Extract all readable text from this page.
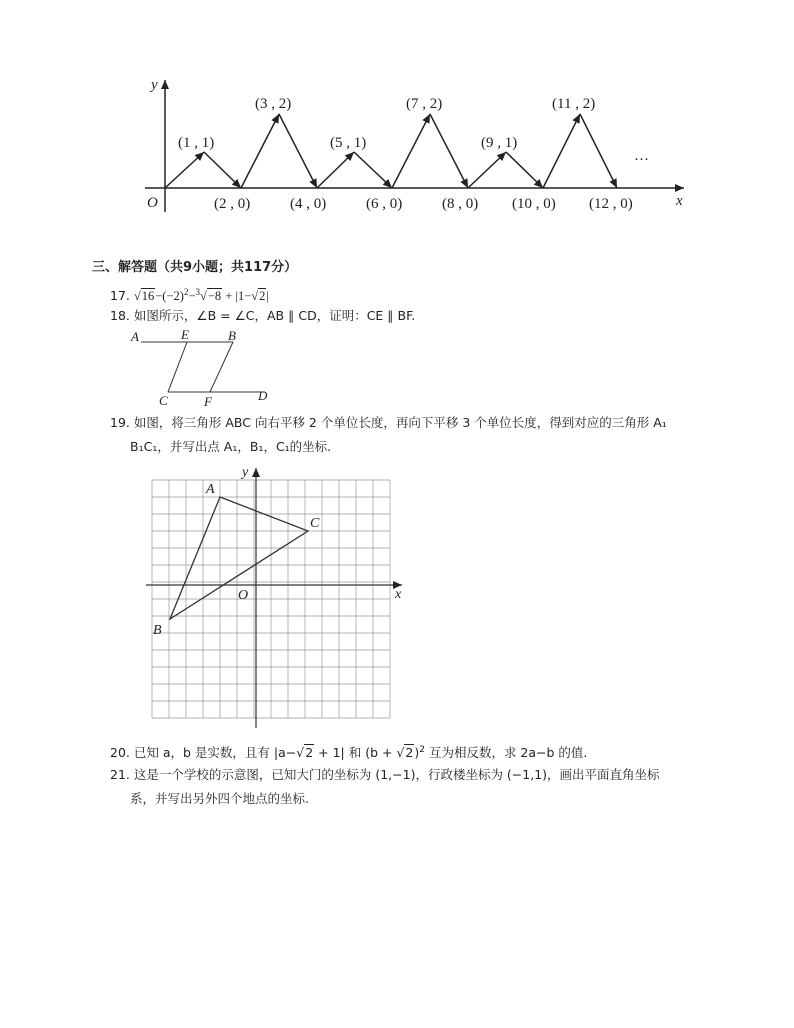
y
x
O
(1 , 1)
(3 , 2)
(5 , 1)
(7 , 2)
(9 , 1)
(11 , 2)
(2 , 0)	(4 , 0)	(6 , 0)	(8 , 0) (10 , 0) (12 , 0)
…
三、解答题（共9小题；共117分）
17. $√16-(-2)^2-^3√-8 + |1-√2|$
18. 如图所示，∠B = ∠C，AB ∥ CD，证明：CE ∥ BF.
A	E	B
C	F	D
19. 如图，将三角形 ABC 向右平移 2 个单位长度，再向下平移 3 个单位长度，得到对应的三角形 A₁
B₁C₁，并写出点 A₁，B₁，C₁的坐标.
A
C
B
O	x
y
20. 已知 a，b 是实数，且有 |a−√2 + 1| 和 $(b + √2)^2$ 互为相反数，求 2a−b 的值.
21. 这是一个学校的示意图，已知大门的坐标为 (1,−1)，行政楼坐标为 (−1,1)，画出平面直角坐标
系，并写出另外四个地点的坐标.
